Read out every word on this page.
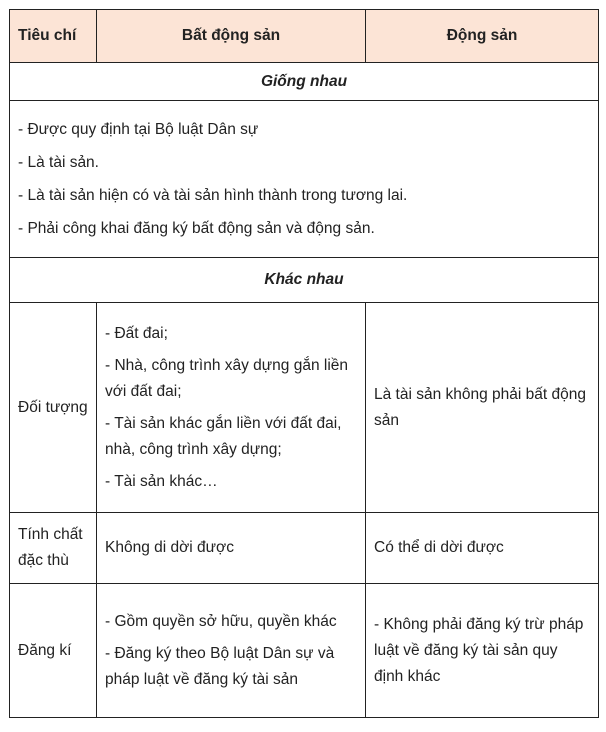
Tiêu chí	Bất động sản	Động sản
Giống nhau		

- Được quy định tại Bộ luật Dân sự

- Là tài sản.

- Là tài sản hiện có và tài sản hình thành trong tương lai.

- Phải công khai đăng ký bất động sản và động sản.		

Khác nhau		
Đối tượng	- Đất đai;

- Nhà, công trình xây dựng gắn liền với đất đai;

- Tài sản khác gắn liền với đất đai, nhà, công trình xây dựng;

- Tài sản khác…	Là tài sản không phải bất động sản
Tính chất đặc thù	Không di dời được	Có thể di dời được
Đăng kí	- Gồm quyền sở hữu, quyền khác

- Đăng ký theo Bộ luật Dân sự và pháp luật về đăng ký tài sản	- Không phải đăng ký trừ pháp luật về đăng ký tài sản quy định khác
